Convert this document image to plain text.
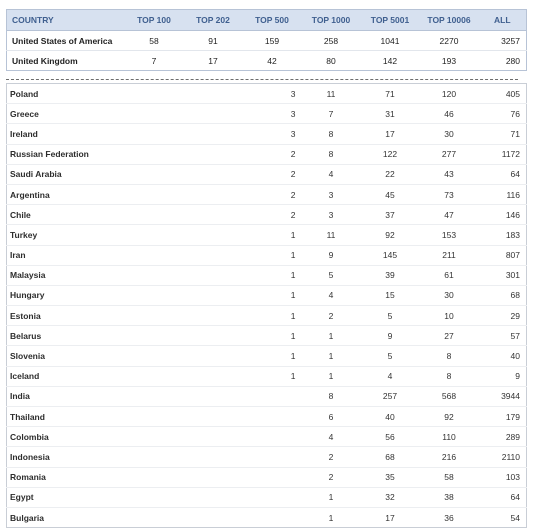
COUNTRY	TOP 100	TOP 202	TOP 500	TOP 1000	TOP 5001	TOP 10006	ALL
United States of America	58	91	159	258	1041	2270	3257
United Kingdom	7	17	42	80	142	193	280
Poland			3	11	71	120	405
Greece			3	7	31	46	76
Ireland			3	8	17	30	71
Russian Federation			2	8	122	277	1172
Saudi Arabia			2	4	22	43	64
Argentina			2	3	45	73	116
Chile			2	3	37	47	146
Turkey			1	11	92	153	183
Iran			1	9	145	211	807
Malaysia			1	5	39	61	301
Hungary			1	4	15	30	68
Estonia			1	2	5	10	29
Belarus			1	1	9	27	57
Slovenia			1	1	5	8	40
Iceland			1	1	4	8	9
India				8	257	568	3944
Thailand				6	40	92	179
Colombia				4	56	110	289
Indonesia				2	68	216	2110
Romania				2	35	58	103
Egypt				1	32	38	64
Bulgaria				1	17	36	54
